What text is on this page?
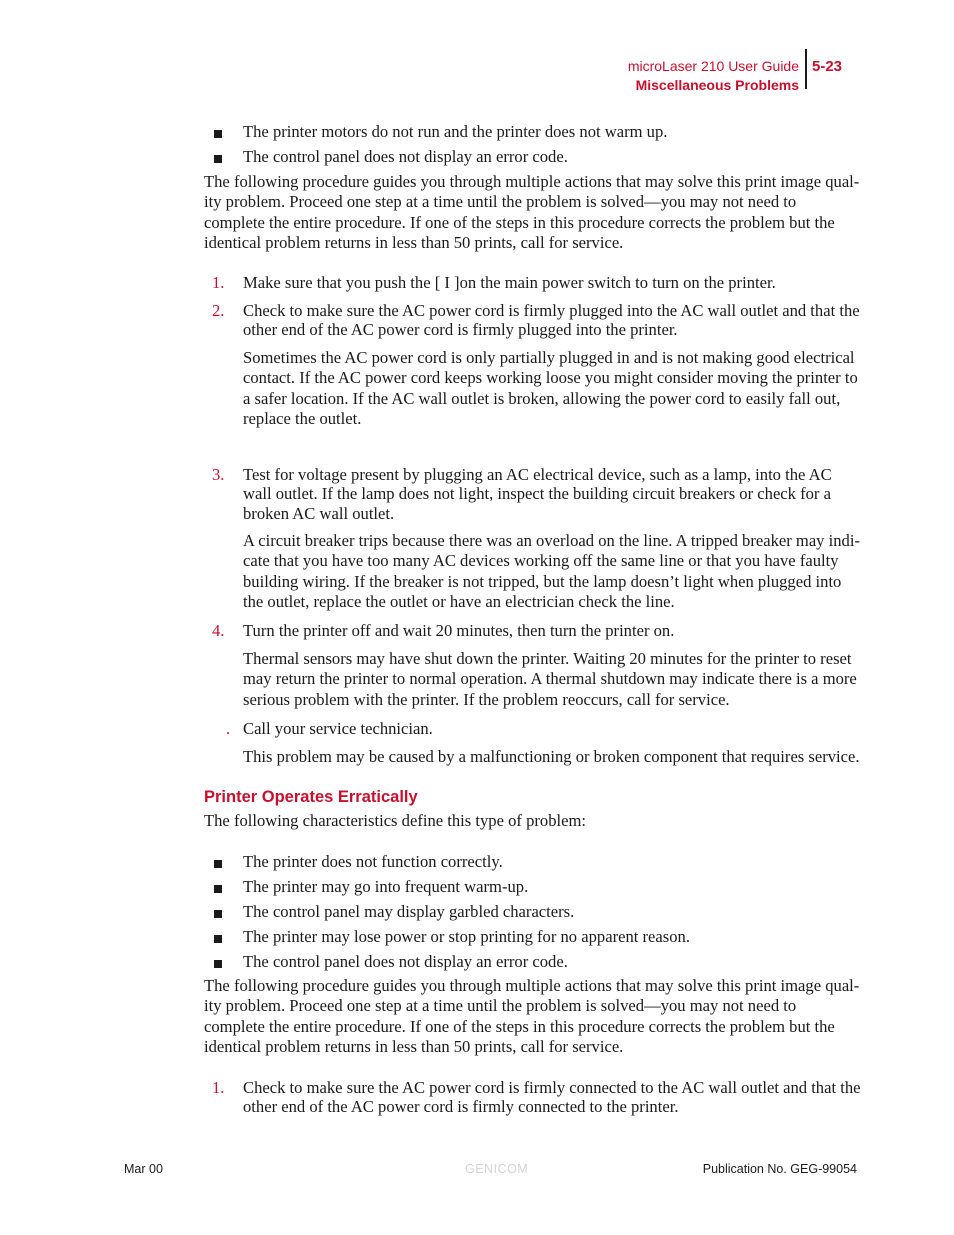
microLaser 210 User Guide
Miscellaneous Problems
5-23
The printer motors do not run and the printer does not warm up.
The control panel does not display an error code.

The following procedure guides you through multiple actions that may solve this print image qual-ity problem. Proceed one step at a time until the problem is solved—you may not need to complete the entire procedure. If one of the steps in this procedure corrects the problem but the identical problem returns in less than 50 prints, call for service.

1.	Make sure that you push the [ I ]on the main power switch to turn on the printer.
2.	Check to make sure the AC power cord is firmly plugged into the AC wall outlet and that the other end of the AC power cord is firmly plugged into the printer.
Sometimes the AC power cord is only partially plugged in and is not making good electrical contact. If the AC power cord keeps working loose you might consider moving the printer to a safer location. If the AC wall outlet is broken, allowing the power cord to easily fall out, replace the outlet.
3.	Test for voltage present by plugging an AC electrical device, such as a lamp, into the AC wall outlet. If the lamp does not light, inspect the building circuit breakers or check for a broken AC wall outlet.
A circuit breaker trips because there was an overload on the line. A tripped breaker may indi-cate that you have too many AC devices working off the same line or that you have faulty building wiring. If the breaker is not tripped, but the lamp doesn’t light when plugged into the outlet, replace the outlet or have an electrician check the line.
4.	Turn the printer off and wait 20 minutes, then turn the printer on.
Thermal sensors may have shut down the printer. Waiting 20 minutes for the printer to reset may return the printer to normal operation. A thermal shutdown may indicate there is a more serious problem with the printer. If the problem reoccurs, call for service.
. Call your service technician.
This problem may be caused by a malfunctioning or broken component that requires service.
Printer Operates Erratically

The following characteristics define this type of problem:

The printer does not function correctly.
The printer may go into frequent warm-up.
The control panel may display garbled characters.
The printer may lose power or stop printing for no apparent reason.
The control panel does not display an error code.

The following procedure guides you through multiple actions that may solve this print image qual-ity problem. Proceed one step at a time until the problem is solved—you may not need to complete the entire procedure. If one of the steps in this procedure corrects the problem but the identical problem returns in less than 50 prints, call for service.

1.	Check to make sure the AC power cord is firmly connected to the AC wall outlet and that the other end of the AC power cord is firmly connected to the printer.
Mar 00	GENICOM	Publication No. GEG-99054
